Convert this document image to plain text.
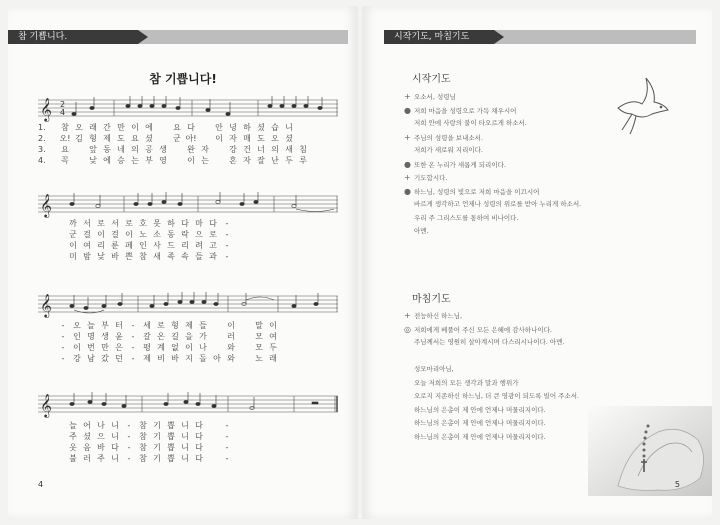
참 기쁩니다.
참 기쁩니다!
𝄞 2
4
1. 참 오 래 간 만 이 에	요 다	안 녕 하 셨 습 니
2. 오! 김 형 제 도 요 셨	군 아! 이 자 매 도 오 셨
3. 요	앞 동 네 의 공 생	완 자	강 건 너 의 새 침
4. 꼭	낮 에 승 는 부 영	이 는	혼 자 잘 난 두 루
𝄞
까 서 로 서 로 호 못 하 다 마 다 -
군 걸 이 걸 이 노 소 동 락 으 로 -
이 여 리 룬 페 인 사 드 리 려 고 -
미 밤 낮 바 쁜 참 새 족 속 들 과 -
𝄞
- 오 늘 부 터 - 세 로 형 제 들	이	말 이
- 인 명 생 윤 - 갈 온 길 을 가	러	모 여
- 이 번 만 은 - 평 계 없 이 나	와	모 두
- 강 남 갔 던 - 제 비 바 지 돌 아 와	노 래
𝄞
늘 어 나 니 - 참 기 쁩 니 다	-
주 셨 으 니 - 참 기 쁩 니 다	-
웃 음 바 다 - 참 기 쁩 니 다	-
불 러 주 니 - 참 기 쁩 니 다	-
4
시작기도, 마침기도
시작기도
+ 오소서, 성령님
● 저희 마음을 성령으로 가득 채우시어
저희 안에 사랑의 불이 타오르게 하소서.
+ 주님의 성령을 보내소서.
저희가 새로워 지리이다.
● 또한 온 누리가 새롭게 되리이다.
+ 기도합시다.
● 하느님, 성령의 빛으로 저희 마음을 이끄시어
바르게 생각하고 언제나 성령의 위로를 받아 누리게 하소서.
우리 주 그리스도를 통하여 비나이다.
아멘.
마침기도
+ 전능하신 하느님,
◎ 저희에게 베풀어 주신 모든 은혜에 감사하나이다.
주님께서는 영원히 살아계시며 다스리시나이다. 아멘.
성모마리아님,
오늘 저희의 모든 생각과 말과 행위가
오로지 지존하신 하느님, 더 큰 영광이 되도록 빌어 주소서.
하느님의 은총이 제 안에 언제나 머물리지이다.
하느님의 은총이 제 안에 언제나 머물리지이다.
하느님의 은총이 제 안에 언제나 머물리지이다.
5
